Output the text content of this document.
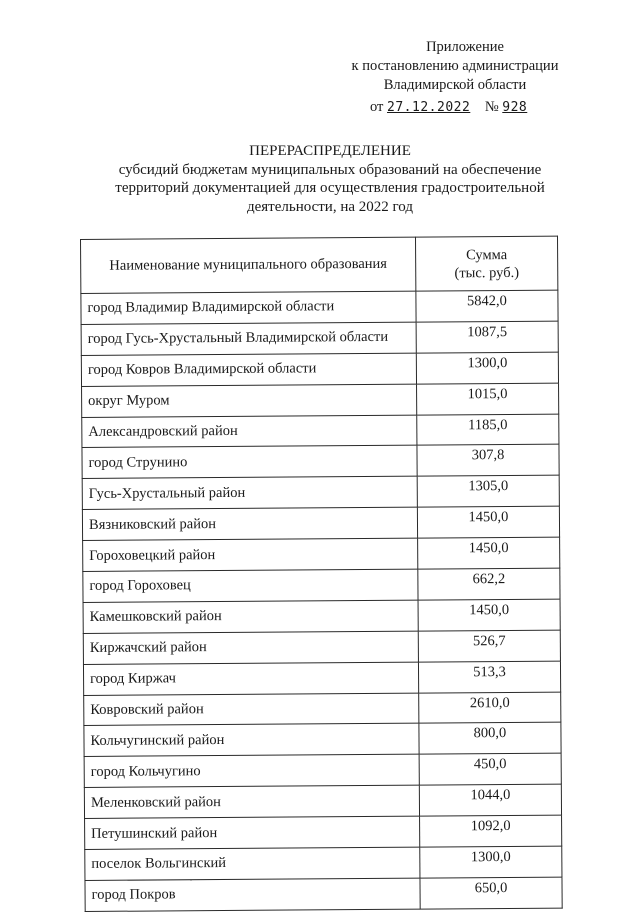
Приложение
к постановлению администрации
Владимирской области
от 27.12.2022 № 928
ПЕРЕРАСПРЕДЕЛЕНИЕ
субсидий бюджетам муниципальных образований на обеспечение
территорий документацией для осуществления градостроительной
деятельности, на 2022 год
Наименование муниципального образования	Сумма
(тыс. руб.)
город Владимир Владимирской области	5842,0
город Гусь-Хрустальный Владимирской области	1087,5
город Ковров Владимирской области	1300,0
округ Муром	1015,0
Александровский район	1185,0
город Струнино	307,8
Гусь-Хрустальный район	1305,0
Вязниковский район	1450,0
Гороховецкий район	1450,0
город Гороховец	662,2
Камешковский район	1450,0
Киржачский район	526,7
город Киржач	513,3
Ковровский район	2610,0
Кольчугинский район	800,0
город Кольчугино	450,0
Меленковский район	1044,0
Петушинский район	1092,0
поселок Вольгинский	1300,0
город Покров	650,0
